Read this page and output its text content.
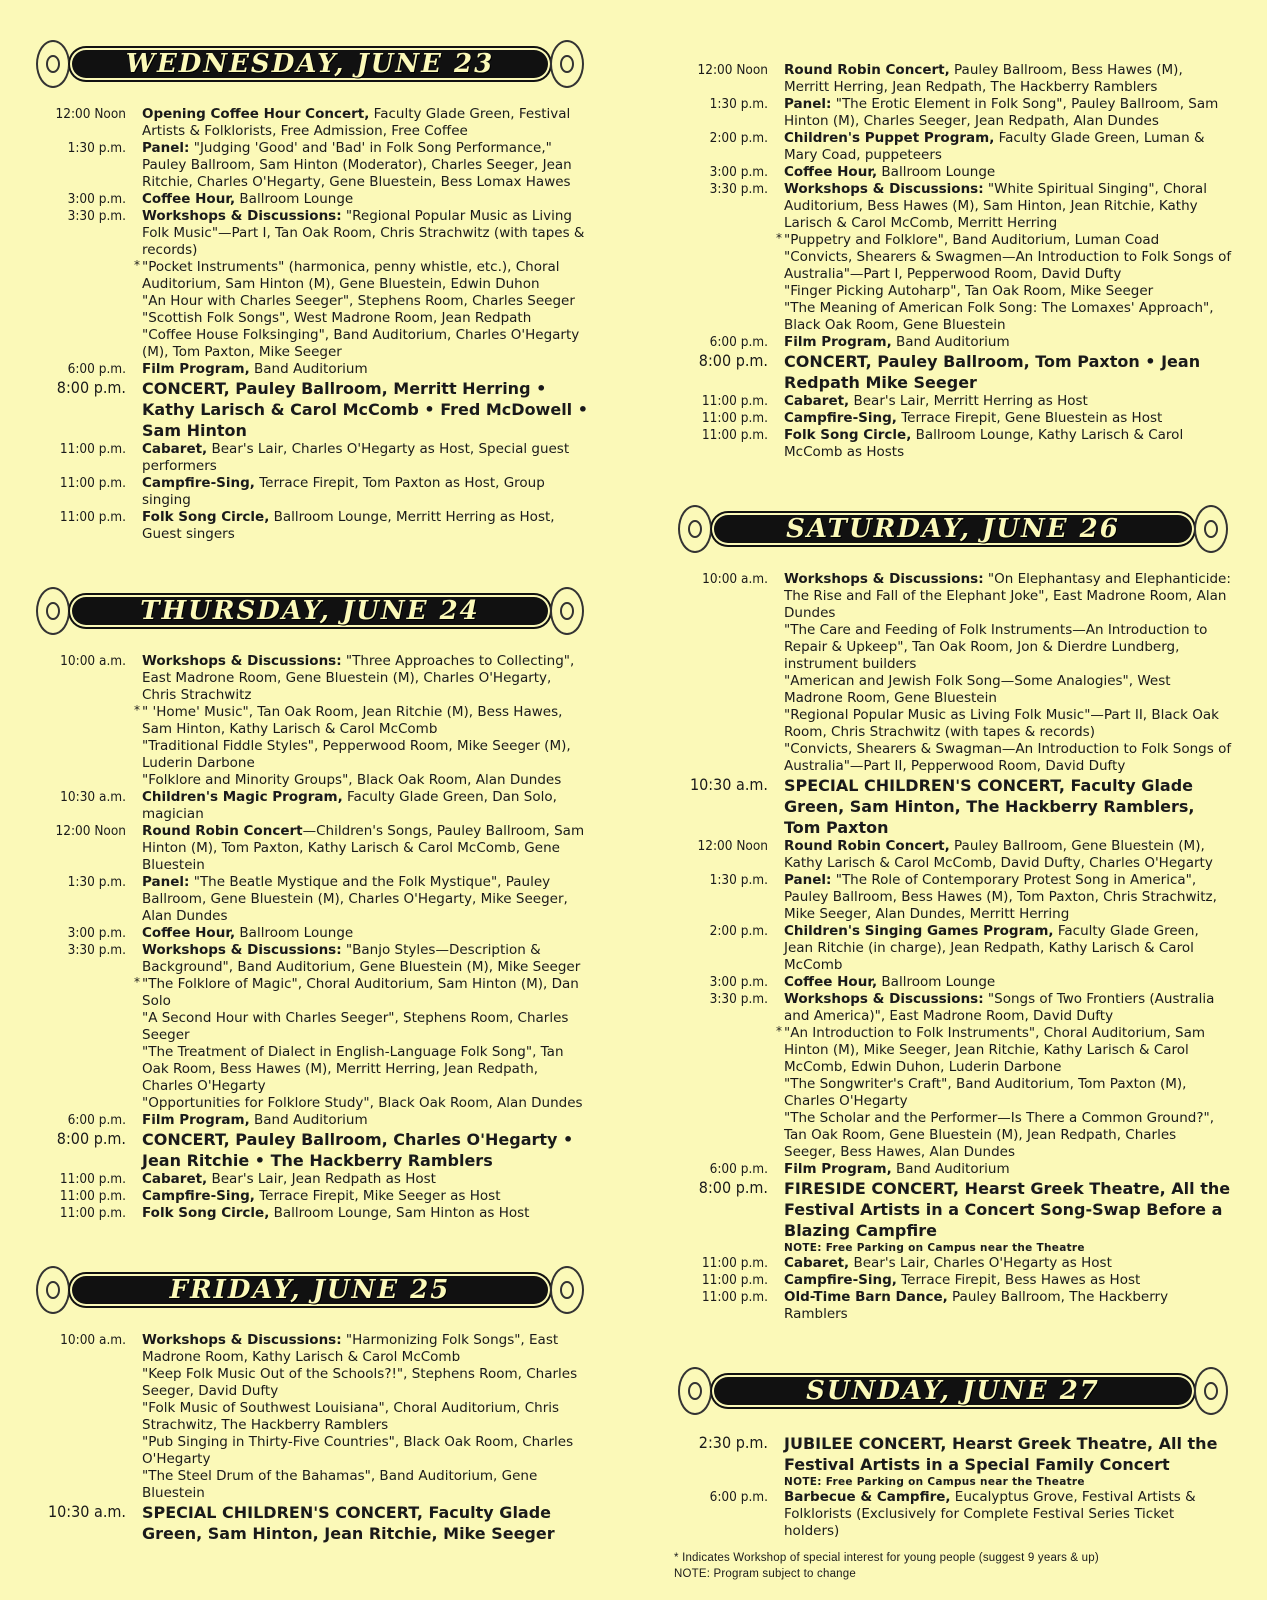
WEDNESDAY, JUNE 23
12:00 Noon	Opening Coffee Hour Concert, Faculty Glade Green, Festival Artists & Folklorists, Free Admission, Free Coffee
1:30 p.m.	Panel: "Judging 'Good' and 'Bad' in Folk Song Performance," Pauley Ballroom, Sam Hinton (Moderator), Charles Seeger, Jean Ritchie, Charles O'Hegarty, Gene Bluestein, Bess Lomax Hawes
3:00 p.m.	Coffee Hour, Ballroom Lounge
3:30 p.m.	Workshops & Discussions: "Regional Popular Music as Living Folk Music"—Part I, Tan Oak Room, Chris Strachwitz (with tapes & records)
* "Pocket Instruments" (harmonica, penny whistle, etc.), Choral Auditorium, Sam Hinton (M), Gene Bluestein, Edwin Duhon
"An Hour with Charles Seeger", Stephens Room, Charles Seeger
"Scottish Folk Songs", West Madrone Room, Jean Redpath
"Coffee House Folksinging", Band Auditorium, Charles O'Hegarty (M), Tom Paxton, Mike Seeger
6:00 p.m.	Film Program, Band Auditorium
8:00 p.m.	CONCERT, Pauley Ballroom, Merritt Herring • Kathy Larisch & Carol McComb • Fred McDowell • Sam Hinton
11:00 p.m.	Cabaret, Bear's Lair, Charles O'Hegarty as Host, Special guest performers
11:00 p.m.	Campfire-Sing, Terrace Firepit, Tom Paxton as Host, Group singing
11:00 p.m.	Folk Song Circle, Ballroom Lounge, Merritt Herring as Host, Guest singers
THURSDAY, JUNE 24
10:00 a.m.	Workshops & Discussions: "Three Approaches to Collecting", East Madrone Room, Gene Bluestein (M), Charles O'Hegarty, Chris Strachwitz
* " 'Home' Music", Tan Oak Room, Jean Ritchie (M), Bess Hawes, Sam Hinton, Kathy Larisch & Carol McComb
"Traditional Fiddle Styles", Pepperwood Room, Mike Seeger (M), Luderin Darbone
"Folklore and Minority Groups", Black Oak Room, Alan Dundes
10:30 a.m.	Children's Magic Program, Faculty Glade Green, Dan Solo, magician
12:00 Noon	Round Robin Concert—Children's Songs, Pauley Ballroom, Sam Hinton (M), Tom Paxton, Kathy Larisch & Carol McComb, Gene Bluestein
1:30 p.m.	Panel: "The Beatle Mystique and the Folk Mystique", Pauley Ballroom, Gene Bluestein (M), Charles O'Hegarty, Mike Seeger, Alan Dundes
3:00 p.m.	Coffee Hour, Ballroom Lounge
3:30 p.m.	Workshops & Discussions: "Banjo Styles—Description & Background", Band Auditorium, Gene Bluestein (M), Mike Seeger
* "The Folklore of Magic", Choral Auditorium, Sam Hinton (M), Dan Solo
"A Second Hour with Charles Seeger", Stephens Room, Charles Seeger
"The Treatment of Dialect in English-Language Folk Song", Tan Oak Room, Bess Hawes (M), Merritt Herring, Jean Redpath, Charles O'Hegarty
"Opportunities for Folklore Study", Black Oak Room, Alan Dundes
6:00 p.m.	Film Program, Band Auditorium
8:00 p.m.	CONCERT, Pauley Ballroom, Charles O'Hegarty • Jean Ritchie • The Hackberry Ramblers
11:00 p.m.	Cabaret, Bear's Lair, Jean Redpath as Host
11:00 p.m.	Campfire-Sing, Terrace Firepit, Mike Seeger as Host
11:00 p.m.	Folk Song Circle, Ballroom Lounge, Sam Hinton as Host
FRIDAY, JUNE 25
10:00 a.m.	Workshops & Discussions: "Harmonizing Folk Songs", East Madrone Room, Kathy Larisch & Carol McComb
"Keep Folk Music Out of the Schools?!", Stephens Room, Charles Seeger, David Dufty
"Folk Music of Southwest Louisiana", Choral Auditorium, Chris Strachwitz, The Hackberry Ramblers
"Pub Singing in Thirty-Five Countries", Black Oak Room, Charles O'Hegarty
"The Steel Drum of the Bahamas", Band Auditorium, Gene Bluestein
10:30 a.m.	SPECIAL CHILDREN'S CONCERT, Faculty Glade Green, Sam Hinton, Jean Ritchie, Mike Seeger
12:00 Noon	Round Robin Concert, Pauley Ballroom, Bess Hawes (M), Merritt Herring, Jean Redpath, The Hackberry Ramblers
1:30 p.m.	Panel: "The Erotic Element in Folk Song", Pauley Ballroom, Sam Hinton (M), Charles Seeger, Jean Redpath, Alan Dundes
2:00 p.m.	Children's Puppet Program, Faculty Glade Green, Luman & Mary Coad, puppeteers
3:00 p.m.	Coffee Hour, Ballroom Lounge
3:30 p.m.	Workshops & Discussions: "White Spiritual Singing", Choral Auditorium, Bess Hawes (M), Sam Hinton, Jean Ritchie, Kathy Larisch & Carol McComb, Merritt Herring
* "Puppetry and Folklore", Band Auditorium, Luman Coad
"Convicts, Shearers & Swagmen—An Introduction to Folk Songs of Australia"—Part I, Pepperwood Room, David Dufty
"Finger Picking Autoharp", Tan Oak Room, Mike Seeger
"The Meaning of American Folk Song: The Lomaxes' Approach", Black Oak Room, Gene Bluestein
6:00 p.m.	Film Program, Band Auditorium
8:00 p.m.	CONCERT, Pauley Ballroom, Tom Paxton • Jean Redpath Mike Seeger
11:00 p.m.	Cabaret, Bear's Lair, Merritt Herring as Host
11:00 p.m.	Campfire-Sing, Terrace Firepit, Gene Bluestein as Host
11:00 p.m.	Folk Song Circle, Ballroom Lounge, Kathy Larisch & Carol McComb as Hosts
SATURDAY, JUNE 26
10:00 a.m.	Workshops & Discussions: "On Elephantasy and Elephanticide: The Rise and Fall of the Elephant Joke", East Madrone Room, Alan Dundes
"The Care and Feeding of Folk Instruments—An Introduction to Repair & Upkeep", Tan Oak Room, Jon & Dierdre Lundberg, instrument builders
"American and Jewish Folk Song—Some Analogies", West Madrone Room, Gene Bluestein
"Regional Popular Music as Living Folk Music"—Part II, Black Oak Room, Chris Strachwitz (with tapes & records)
"Convicts, Shearers & Swagman—An Introduction to Folk Songs of Australia"—Part II, Pepperwood Room, David Dufty
10:30 a.m.	SPECIAL CHILDREN'S CONCERT, Faculty Glade Green, Sam Hinton, The Hackberry Ramblers, Tom Paxton
12:00 Noon	Round Robin Concert, Pauley Ballroom, Gene Bluestein (M), Kathy Larisch & Carol McComb, David Dufty, Charles O'Hegarty
1:30 p.m.	Panel: "The Role of Contemporary Protest Song in America", Pauley Ballroom, Bess Hawes (M), Tom Paxton, Chris Strachwitz, Mike Seeger, Alan Dundes, Merritt Herring
2:00 p.m.	Children's Singing Games Program, Faculty Glade Green, Jean Ritchie (in charge), Jean Redpath, Kathy Larisch & Carol McComb
3:00 p.m.	Coffee Hour, Ballroom Lounge
3:30 p.m.	Workshops & Discussions: "Songs of Two Frontiers (Australia and America)", East Madrone Room, David Dufty
* "An Introduction to Folk Instruments", Choral Auditorium, Sam Hinton (M), Mike Seeger, Jean Ritchie, Kathy Larisch & Carol McComb, Edwin Duhon, Luderin Darbone
"The Songwriter's Craft", Band Auditorium, Tom Paxton (M), Charles O'Hegarty
"The Scholar and the Performer—Is There a Common Ground?", Tan Oak Room, Gene Bluestein (M), Jean Redpath, Charles Seeger, Bess Hawes, Alan Dundes
6:00 p.m.	Film Program, Band Auditorium
8:00 p.m.	FIRESIDE CONCERT, Hearst Greek Theatre, All the Festival Artists in a Concert Song-Swap Before a Blazing Campfire
NOTE: Free Parking on Campus near the Theatre
11:00 p.m.	Cabaret, Bear's Lair, Charles O'Hegarty as Host
11:00 p.m.	Campfire-Sing, Terrace Firepit, Bess Hawes as Host
11:00 p.m.	Old-Time Barn Dance, Pauley Ballroom, The Hackberry Ramblers
SUNDAY, JUNE 27
2:30 p.m.	JUBILEE CONCERT, Hearst Greek Theatre, All the Festival Artists in a Special Family Concert
NOTE: Free Parking on Campus near the Theatre
6:00 p.m.	Barbecue & Campfire, Eucalyptus Grove, Festival Artists & Folklorists (Exclusively for Complete Festival Series Ticket holders)
* Indicates Workshop of special interest for young people (suggest 9 years & up)
NOTE: Program subject to change
